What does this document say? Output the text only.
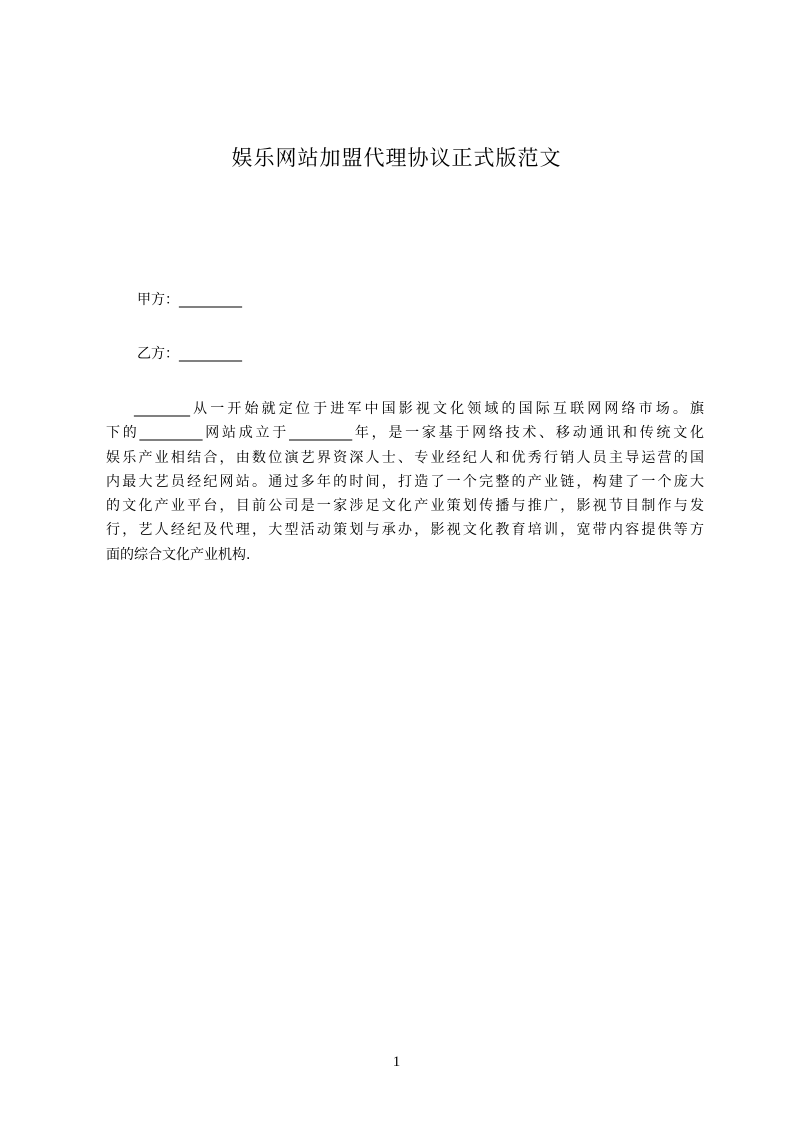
娱乐网站加盟代理协议正式版范文
甲方：_________
乙方：_________
________从一开始就定位于进军中国影视文化领域的国际互联网网络市场。旗
下的_________网站成立于_________年，是一家基于网络技术、移动通讯和传统文化
娱乐产业相结合，由数位演艺界资深人士、专业经纪人和优秀行销人员主导运营的国
内最大艺员经纪网站。通过多年的时间，打造了一个完整的产业链，构建了一个庞大
的文化产业平台，目前公司是一家涉足文化产业策划传播与推广，影视节目制作与发
行，艺人经纪及代理，大型活动策划与承办，影视文化教育培训，宽带内容提供等方
面的综合文化产业机构.
1
